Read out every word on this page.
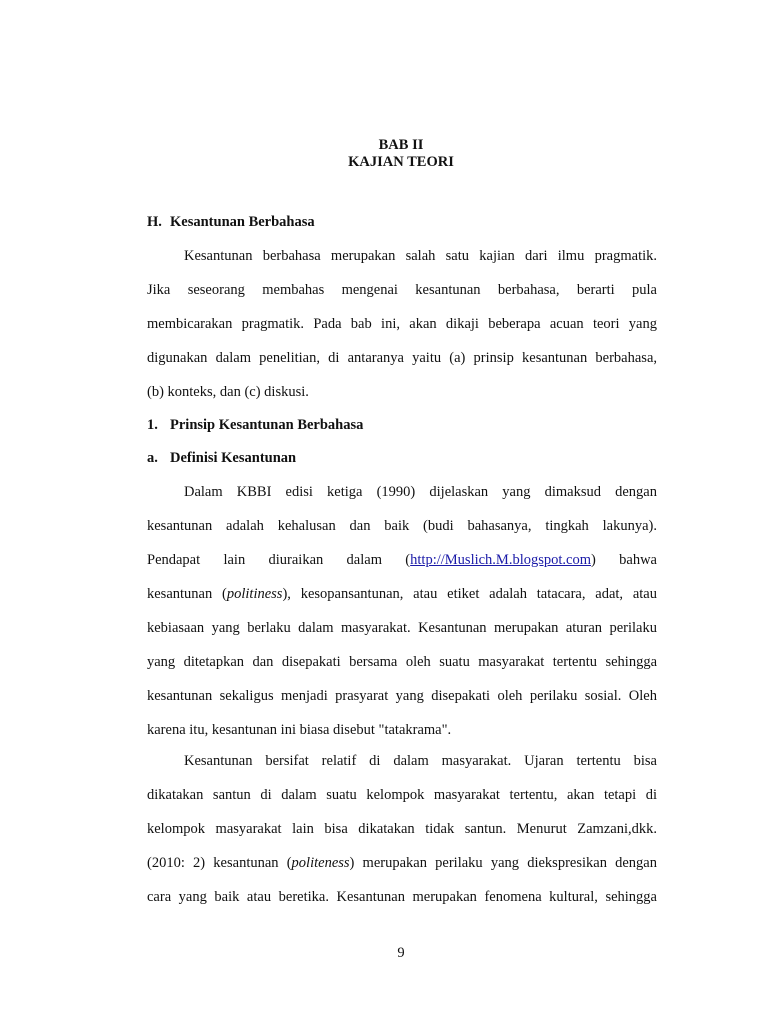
BAB II
KAJIAN TEORI
H. Kesantunan Berbahasa
Kesantunan berbahasa merupakan salah satu kajian dari ilmu pragmatik.
Jika seseorang membahas mengenai kesantunan berbahasa, berarti pula
membicarakan pragmatik. Pada bab ini, akan dikaji beberapa acuan teori yang
digunakan dalam penelitian, di antaranya yaitu (a) prinsip kesantunan berbahasa,
(b) konteks, dan (c) diskusi.
1. Prinsip Kesantunan Berbahasa
a. Definisi Kesantunan
Dalam KBBI edisi ketiga (1990) dijelaskan yang dimaksud dengan
kesantunan adalah kehalusan dan baik (budi bahasanya, tingkah lakunya).
Pendapat lain diuraikan dalam (http://Muslich.M.blogspot.com) bahwa
kesantunan (politiness), kesopansantunan, atau etiket adalah tatacara, adat, atau
kebiasaan yang berlaku dalam masyarakat. Kesantunan merupakan aturan perilaku
yang ditetapkan dan disepakati bersama oleh suatu masyarakat tertentu sehingga
kesantunan sekaligus menjadi prasyarat yang disepakati oleh perilaku sosial. Oleh
karena itu, kesantunan ini biasa disebut "tatakrama".
Kesantunan bersifat relatif di dalam masyarakat. Ujaran tertentu bisa
dikatakan santun di dalam suatu kelompok masyarakat tertentu, akan tetapi di
kelompok masyarakat lain bisa dikatakan tidak santun. Menurut Zamzani,dkk.
(2010: 2) kesantunan (politeness) merupakan perilaku yang diekspresikan dengan
cara yang baik atau beretika. Kesantunan merupakan fenomena kultural, sehingga
9
